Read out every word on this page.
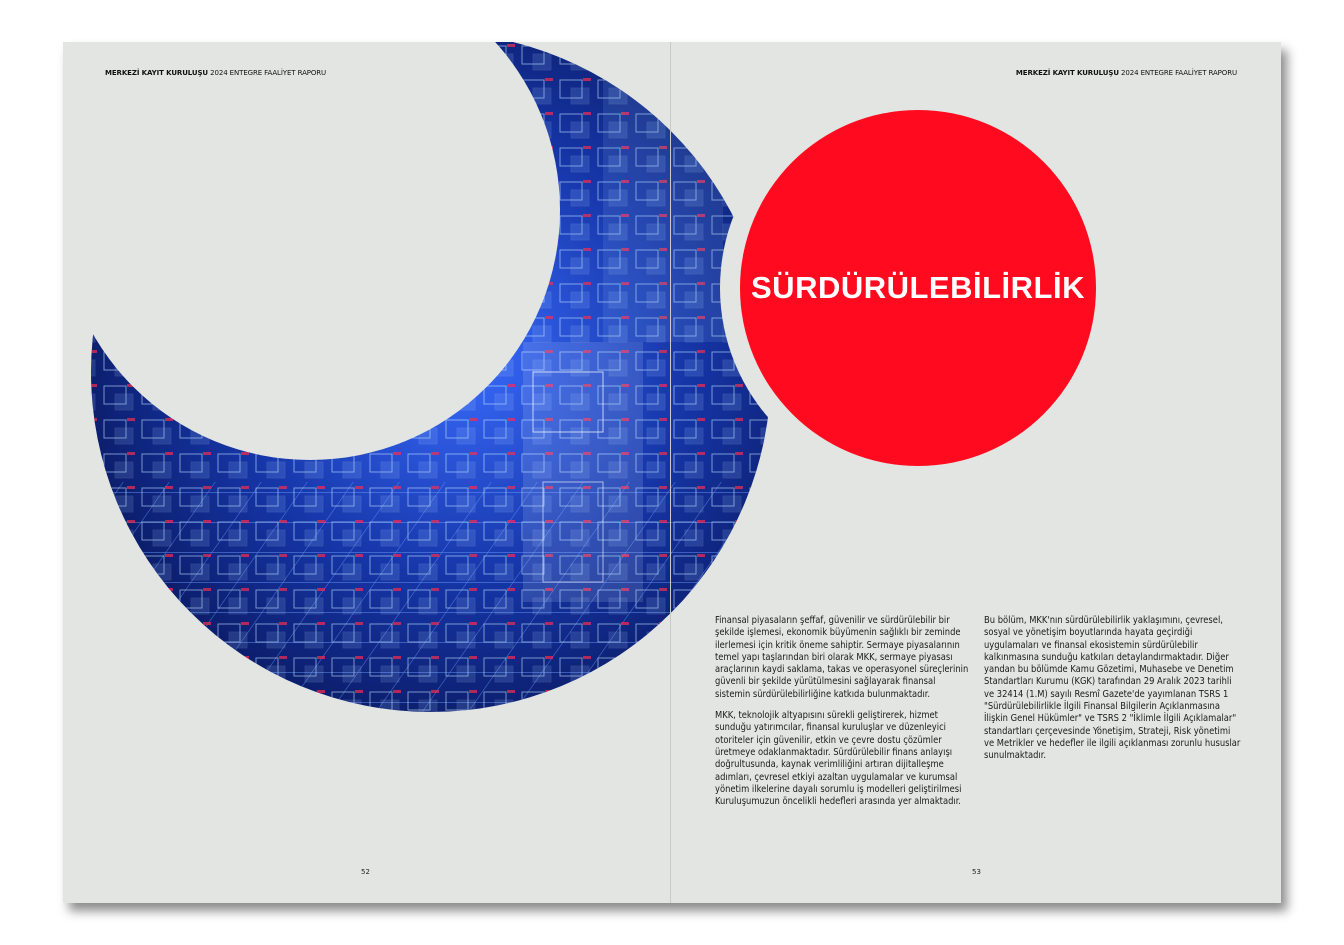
MERKEZİ KAYIT KURULUŞU 2024 ENTEGRE FAALİYET RAPORU	MERKEZİ KAYIT KURULUŞU 2024 ENTEGRE FAALİYET RAPORU
SÜRDÜRÜLEBİLİRLİK

Finansal piyasaların şeffaf, güvenilir ve sürdürülebilir bir şekilde işlemesi, ekonomik büyümenin sağlıklı bir zeminde ilerlemesi için kritik öneme sahiptir. Sermaye piyasalarının temel yapı taşlarından biri olarak MKK, sermaye piyasası araçlarının kaydi saklama, takas ve operasyonel süreçlerinin güvenli bir şekilde yürütülmesini sağlayarak finansal sistemin sürdürülebilirliğine katkıda bulunmaktadır.

MKK, teknolojik altyapısını sürekli geliştirerek, hizmet sunduğu yatırımcılar, finansal kuruluşlar ve düzenleyici otoriteler için güvenilir, etkin ve çevre dostu çözümler üretmeye odaklanmaktadır. Sürdürülebilir finans anlayışı doğrultusunda, kaynak verimliliğini artıran dijitalleşme adımları, çevresel etkiyi azaltan uygulamalar ve kurumsal yönetim ilkelerine dayalı sorumlu iş modelleri geliştirilmesi Kuruluşumuzun öncelikli hedefleri arasında yer almaktadır.

Bu bölüm, MKK'nın sürdürülebilirlik yaklaşımını, çevresel, sosyal ve yönetişim boyutlarında hayata geçirdiği uygulamaları ve finansal ekosistemin sürdürülebilir kalkınmasına sunduğu katkıları detaylandırmaktadır. Diğer yandan bu bölümde Kamu Gözetimi, Muhasebe ve Denetim Standartları Kurumu (KGK) tarafından 29 Aralık 2023 tarihli ve 32414 (1.M) sayılı Resmî Gazete'de yayımlanan TSRS 1 "Sürdürülebilirlikle İlgili Finansal Bilgilerin Açıklanmasına İlişkin Genel Hükümler" ve TSRS 2 "İklimle İlgili Açıklamalar" standartları çerçevesinde Yönetişim, Strateji, Risk yönetimi ve Metrikler ve hedefler ile ilgili açıklanması zorunlu hususlar sunulmaktadır.

52	53
